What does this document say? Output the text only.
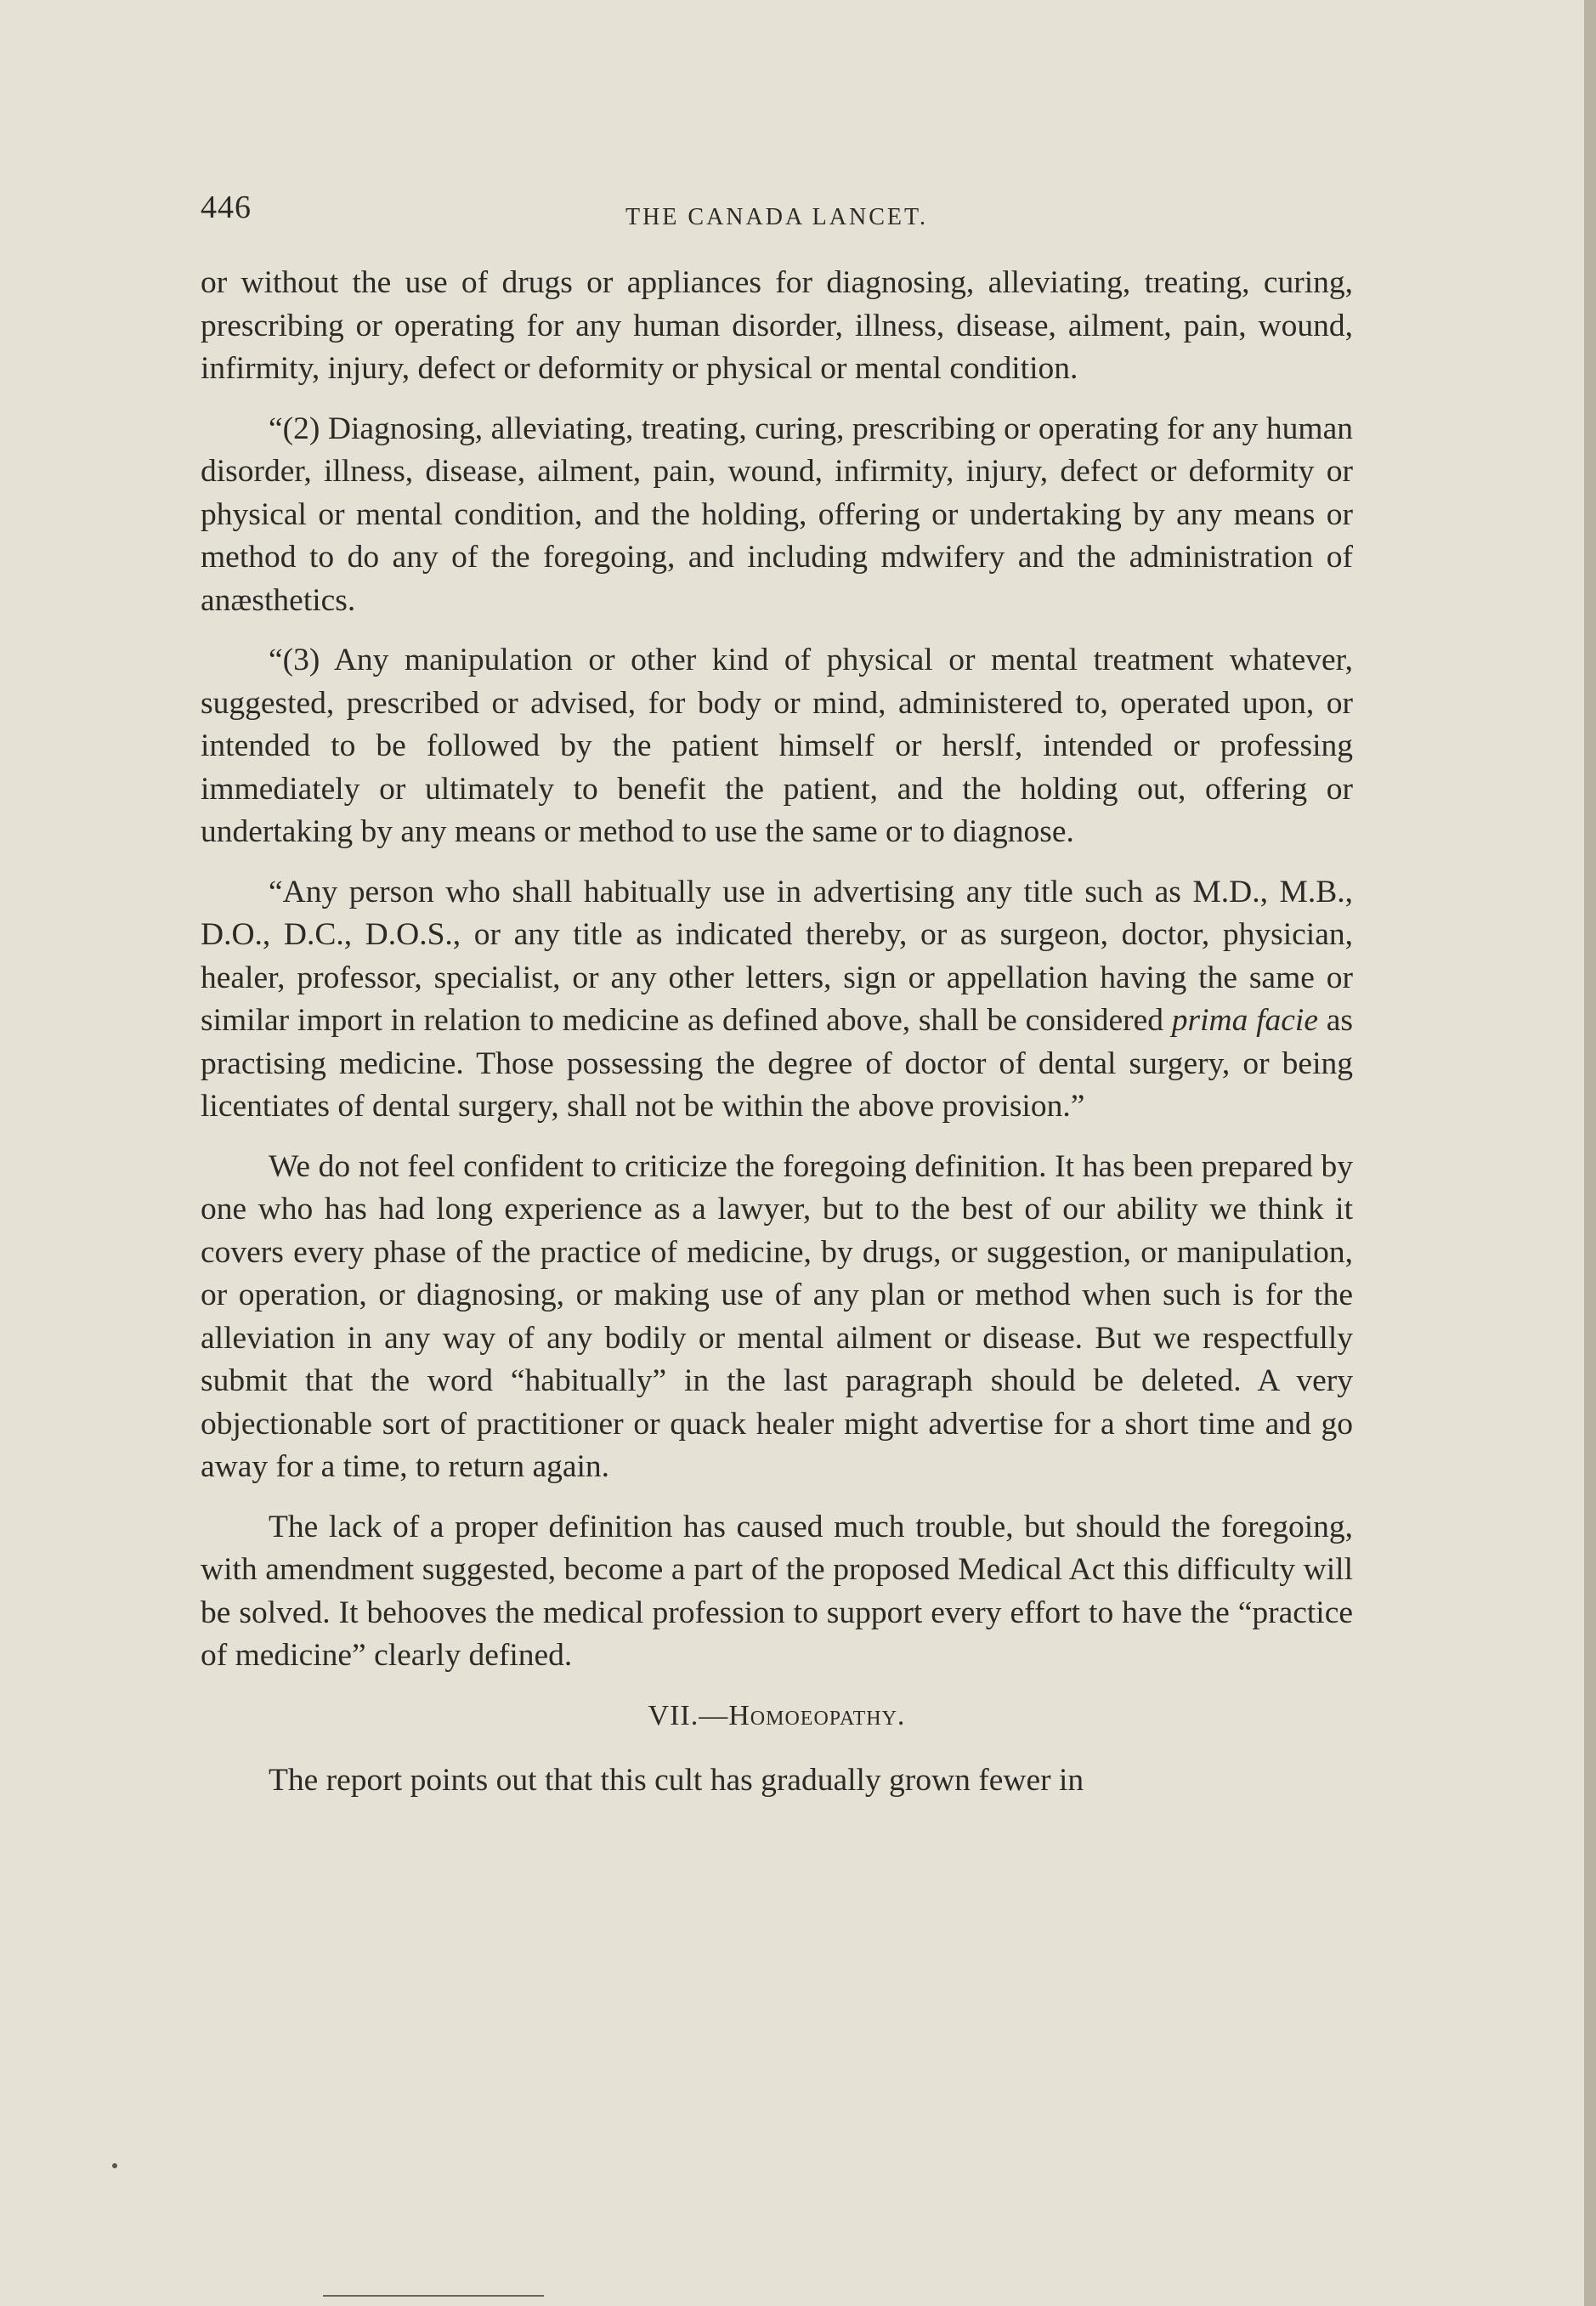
446	THE CANADA LANCET.

or without the use of drugs or appliances for diagnosing, alleviating, treating, curing, prescribing or operating for any human disorder, illness, disease, ailment, pain, wound, infirmity, injury, defect or deformity or physical or mental condition.

“(2) Diagnosing, alleviating, treating, curing, prescribing or operating for any human disorder, illness, disease, ailment, pain, wound, infirmity, injury, defect or deformity or physical or mental condition, and the holding, offering or undertaking by any means or method to do any of the foregoing, and including mdwifery and the administration of anæsthetics.

“(3) Any manipulation or other kind of physical or mental treatment whatever, suggested, prescribed or advised, for body or mind, administered to, operated upon, or intended to be followed by the patient himself or herslf, intended or professing immediately or ultimately to benefit the patient, and the holding out, offering or undertaking by any means or method to use the same or to diagnose.

“Any person who shall habitually use in advertising any title such as M.D., M.B., D.O., D.C., D.O.S., or any title as indicated thereby, or as surgeon, doctor, physician, healer, professor, specialist, or any other letters, sign or appellation having the same or similar import in relation to medicine as defined above, shall be considered prima facie as practising medicine. Those possessing the degree of doctor of dental surgery, or being licentiates of dental surgery, shall not be within the above provision.”

We do not feel confident to criticize the foregoing definition. It has been prepared by one who has had long experience as a lawyer, but to the best of our ability we think it covers every phase of the practice of medicine, by drugs, or suggestion, or manipulation, or operation, or diagnosing, or making use of any plan or method when such is for the alleviation in any way of any bodily or mental ailment or disease. But we respectfully submit that the word “habitually” in the last paragraph should be deleted. A very objectionable sort of practitioner or quack healer might advertise for a short time and go away for a time, to return again.

The lack of a proper definition has caused much trouble, but should the foregoing, with amendment suggested, become a part of the proposed Medical Act this difficulty will be solved. It behooves the medical profession to support every effort to have the “practice of medicine” clearly defined.

VII.—Homoeopathy.

The report points out that this cult has gradually grown fewer in
